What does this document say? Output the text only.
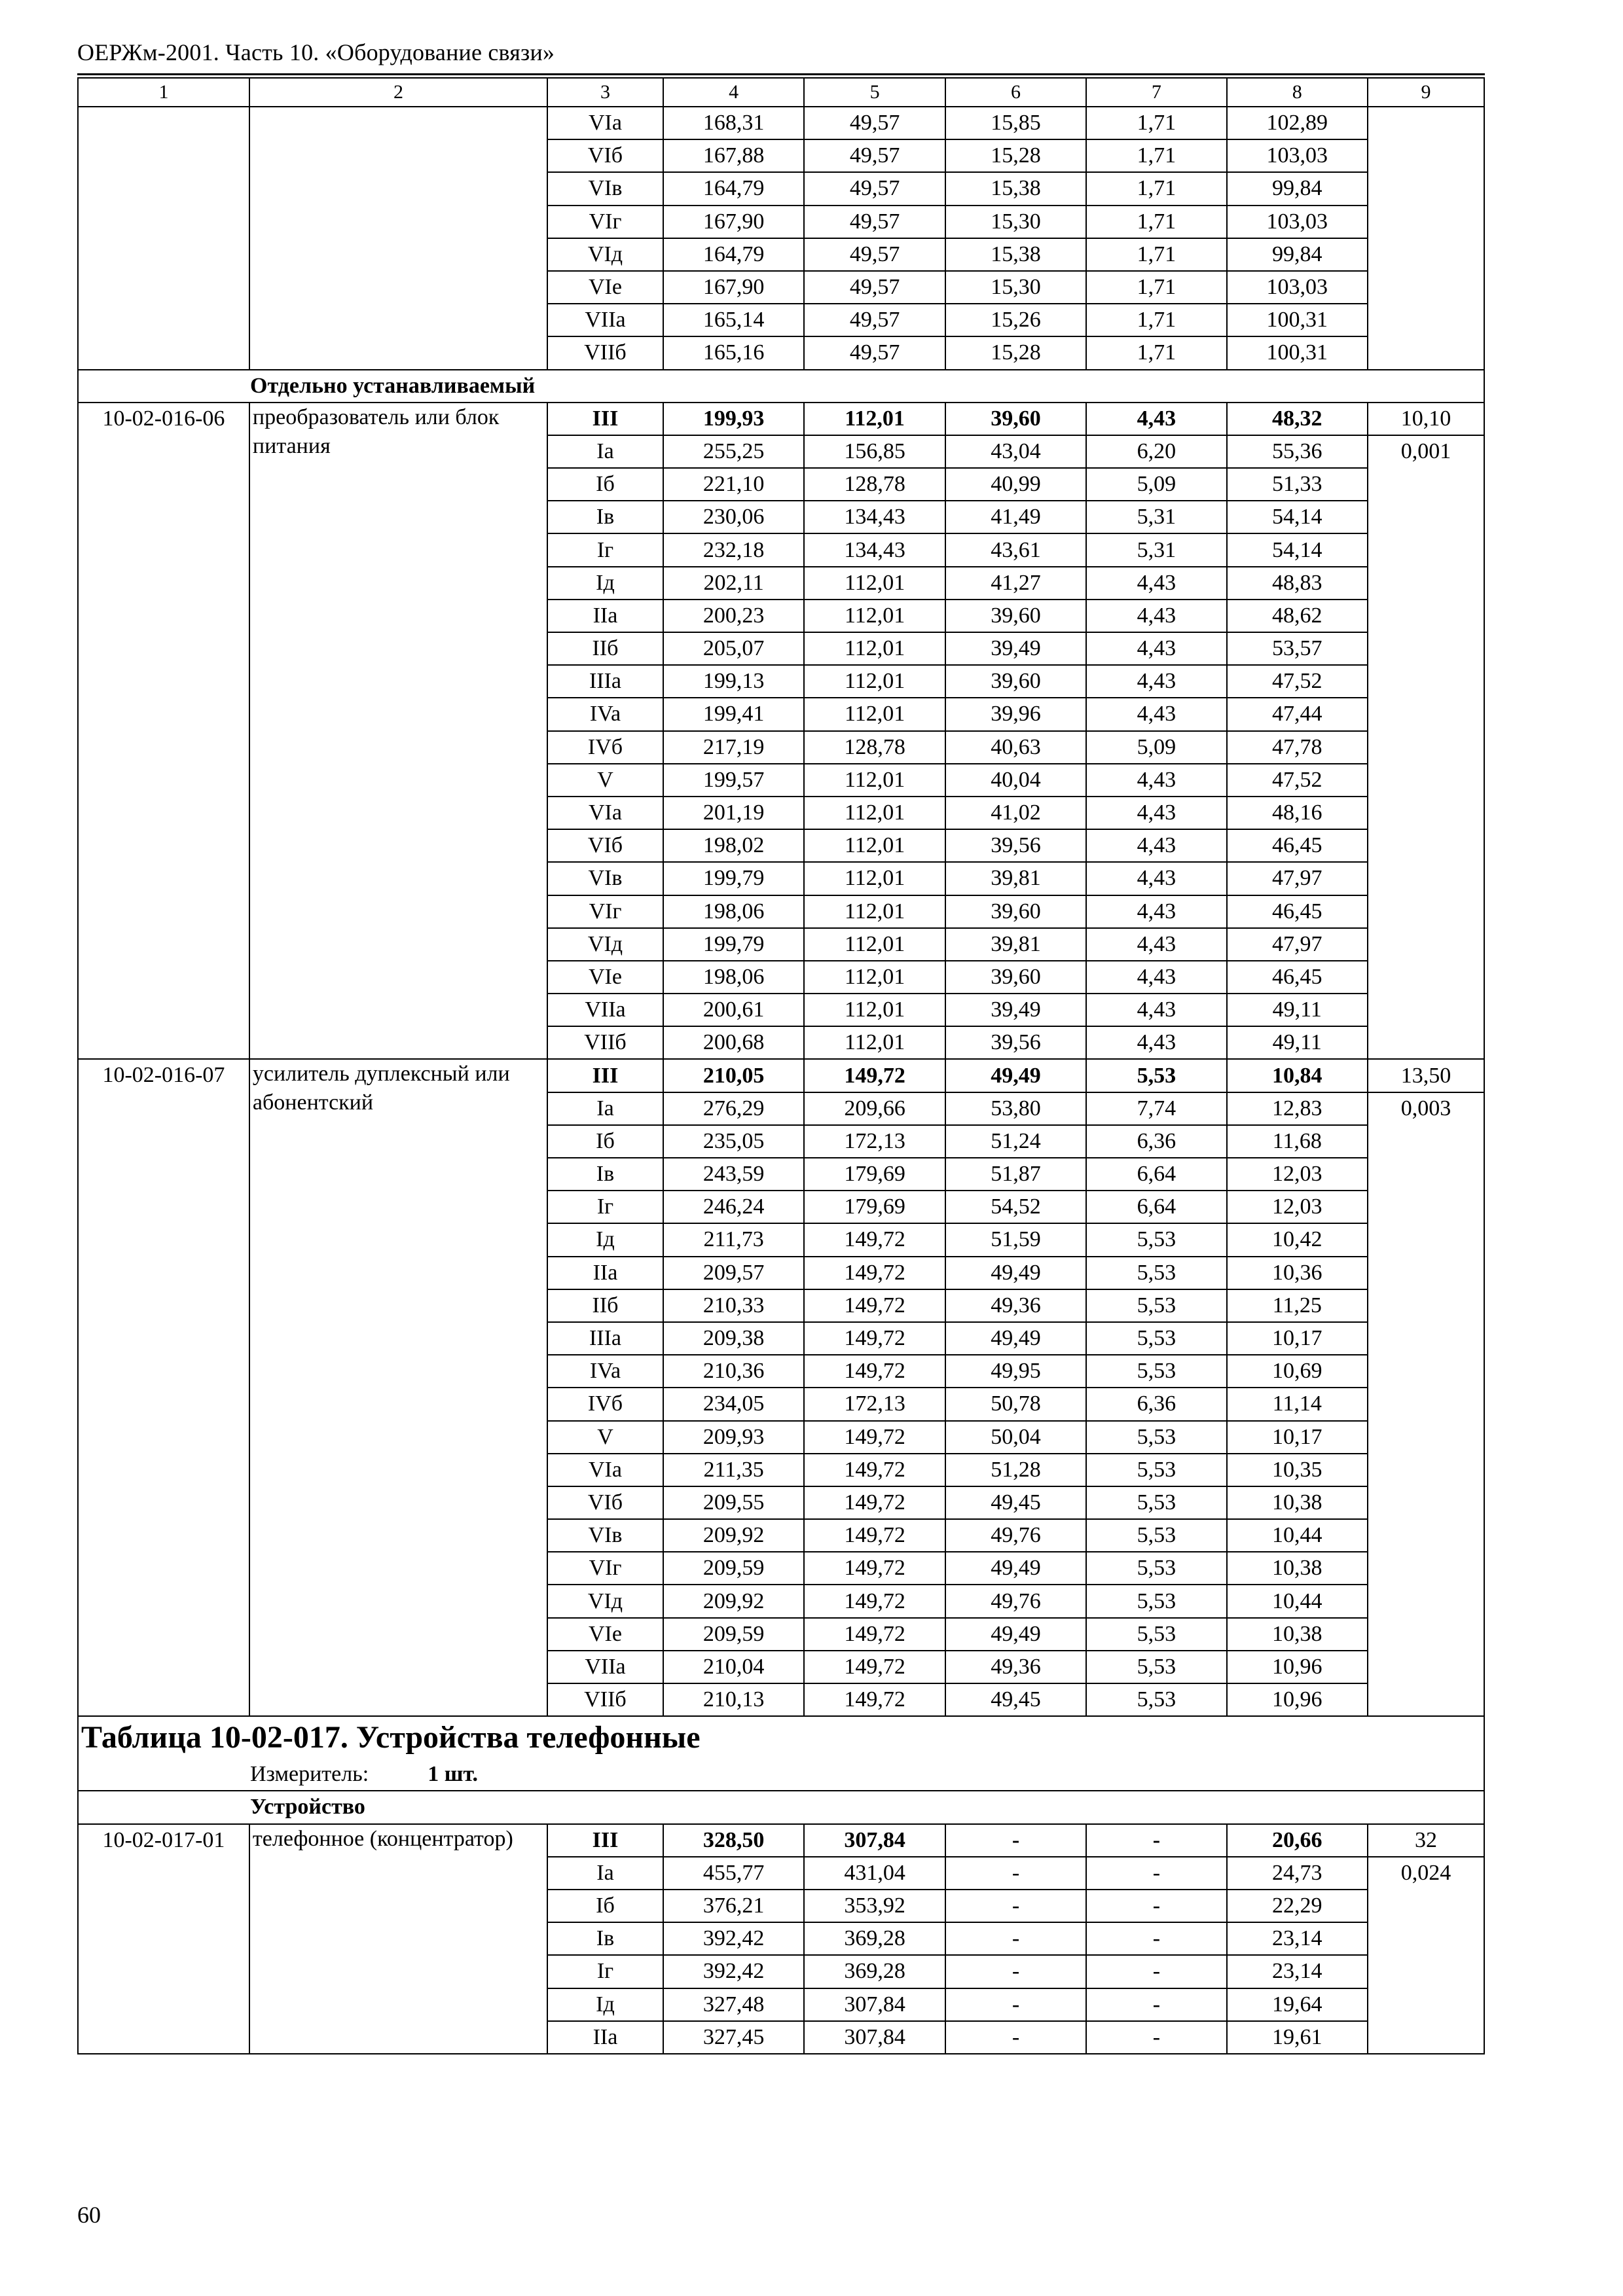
ОЕРЖм-2001. Часть 10. «Оборудование связи»
1	2	3	4	5	6	7	8	9
		VIa	168,31	49,57	15,85	1,71	102,89	
		VIб	167,88	49,57	15,28	1,71	103,03	
		VIв	164,79	49,57	15,38	1,71	99,84	
		VIг	167,90	49,57	15,30	1,71	103,03	
		VIд	164,79	49,57	15,38	1,71	99,84	
		VIе	167,90	49,57	15,30	1,71	103,03	
		VIIa	165,14	49,57	15,26	1,71	100,31	
		VIIб	165,16	49,57	15,28	1,71	100,31	
Отдельно устанавливаемый								
10-02-016-06	преобразователь или блок питания	III	199,93	112,01	39,60	4,43	48,32	10,10
		Ia	255,25	156,85	43,04	6,20	55,36	0,001
		Iб	221,10	128,78	40,99	5,09	51,33	
		Iв	230,06	134,43	41,49	5,31	54,14	
		Iг	232,18	134,43	43,61	5,31	54,14	
		Iд	202,11	112,01	41,27	4,43	48,83	
		IIa	200,23	112,01	39,60	4,43	48,62	
		IIб	205,07	112,01	39,49	4,43	53,57	
		IIIa	199,13	112,01	39,60	4,43	47,52	
		IVa	199,41	112,01	39,96	4,43	47,44	
		IVб	217,19	128,78	40,63	5,09	47,78	
		V	199,57	112,01	40,04	4,43	47,52	
		VIa	201,19	112,01	41,02	4,43	48,16	
		VIб	198,02	112,01	39,56	4,43	46,45	
		VIв	199,79	112,01	39,81	4,43	47,97	
		VIг	198,06	112,01	39,60	4,43	46,45	
		VIд	199,79	112,01	39,81	4,43	47,97	
		VIе	198,06	112,01	39,60	4,43	46,45	
		VIIa	200,61	112,01	39,49	4,43	49,11	
		VIIб	200,68	112,01	39,56	4,43	49,11	
10-02-016-07	усилитель дуплексный или абонентский	III	210,05	149,72	49,49	5,53	10,84	13,50
		Ia	276,29	209,66	53,80	7,74	12,83	0,003
		Iб	235,05	172,13	51,24	6,36	11,68	
		Iв	243,59	179,69	51,87	6,64	12,03	
		Iг	246,24	179,69	54,52	6,64	12,03	
		Iд	211,73	149,72	51,59	5,53	10,42	
		IIa	209,57	149,72	49,49	5,53	10,36	
		IIб	210,33	149,72	49,36	5,53	11,25	
		IIIa	209,38	149,72	49,49	5,53	10,17	
		IVa	210,36	149,72	49,95	5,53	10,69	
		IVб	234,05	172,13	50,78	6,36	11,14	
		V	209,93	149,72	50,04	5,53	10,17	
		VIa	211,35	149,72	51,28	5,53	10,35	
		VIб	209,55	149,72	49,45	5,53	10,38	
		VIв	209,92	149,72	49,76	5,53	10,44	
		VIг	209,59	149,72	49,49	5,53	10,38	
		VIд	209,92	149,72	49,76	5,53	10,44	
		VIе	209,59	149,72	49,49	5,53	10,38	
		VIIa	210,04	149,72	49,36	5,53	10,96	
		VIIб	210,13	149,72	49,45	5,53	10,96	
Таблица 10-02-017. Устройства телефонные								
Измеритель: 1 шт.								
Устройство								
10-02-017-01	телефонное (концентратор)	III	328,50	307,84	-	-	20,66	32
		Ia	455,77	431,04	-	-	24,73	0,024
		Iб	376,21	353,92	-	-	22,29	
		Iв	392,42	369,28	-	-	23,14	
		Iг	392,42	369,28	-	-	23,14	
		Iд	327,48	307,84	-	-	19,64	
		IIa	327,45	307,84	-	-	19,61	
60
